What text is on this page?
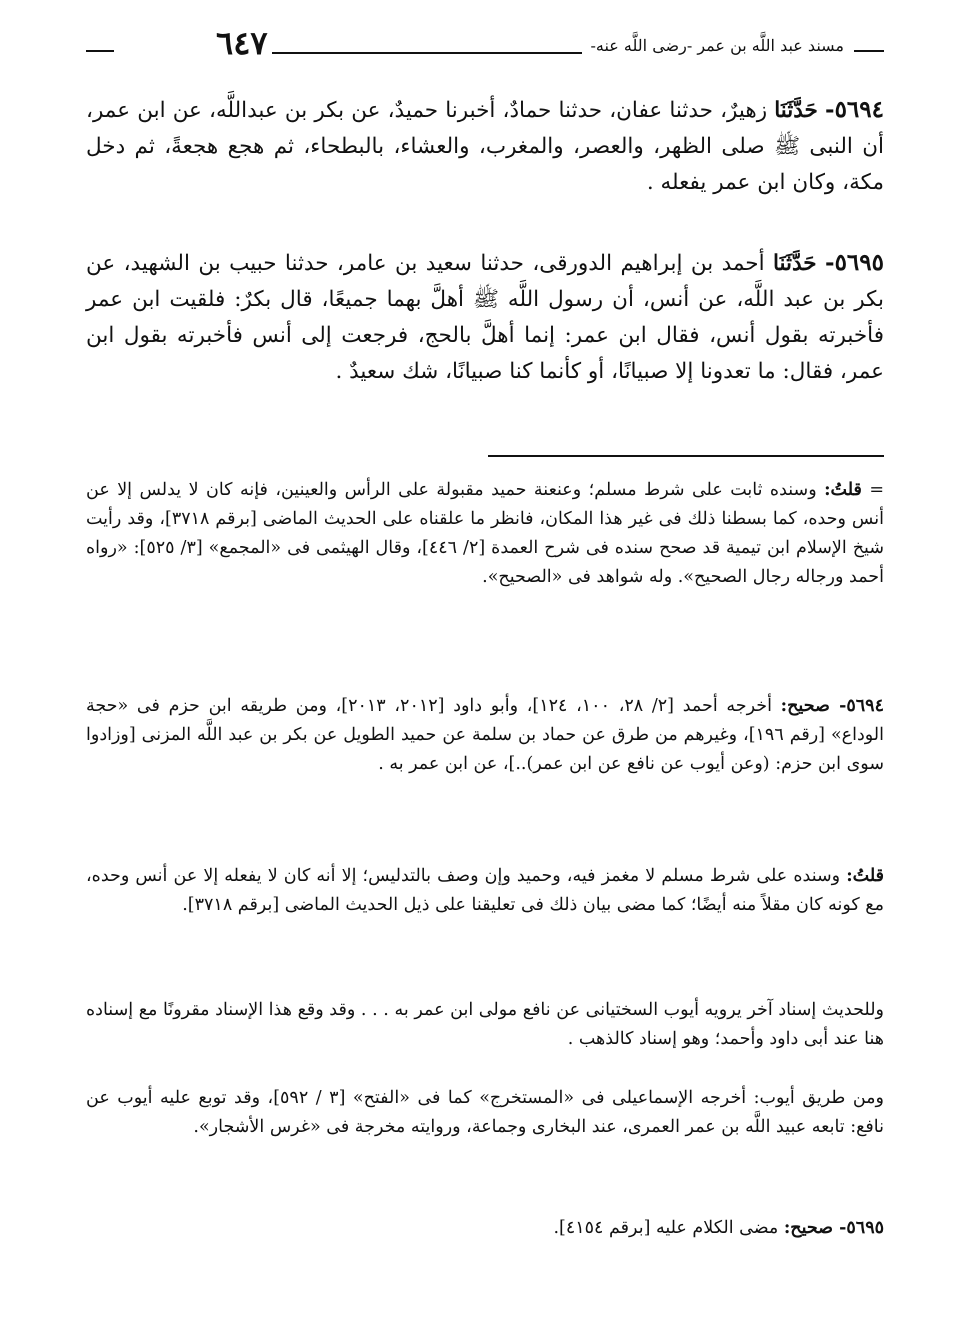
مسند عبد اللَّه بن عمر -رضى اللَّه عنه-
٦٤٧
٥٦٩٤- حَدَّثَنَا زهيرٌ، حدثنا عفان، حدثنا حمادٌ، أخبرنا حميدٌ، عن بكر بن عبداللَّه، عن ابن عمر، أن النبى ﷺ صلى الظهر، والعصر، والمغرب، والعشاء، بالبطحاء، ثم هجع هجعةً، ثم دخل مكة، وكان ابن عمر يفعله .
٥٦٩٥- حَدَّثَنَا أحمد بن إبراهيم الدورقى، حدثنا سعيد بن عامر، حدثنا حبيب بن الشهيد، عن بكر بن عبد اللَّه، عن أنس، أن رسول اللَّه ﷺ أهلَّ بهما جميعًا، قال بكرٌ: فلقيت ابن عمر فأخبرته بقول أنس، فقال ابن عمر: إنما أهلَّ بالحج، فرجعت إلى أنس فأخبرته بقول ابن عمر، فقال: ما تعدونا إلا صبيانًا، أو كأنما كنا صبيانًا، شك سعيدٌ .
= قلتُ: وسنده ثابت على شرط مسلم؛ وعنعنة حميد مقبولة على الرأس والعينين، فإنه كان لا يدلس إلا عن أنس وحده، كما بسطنا ذلك فى غير هذا المكان، فانظر ما علقناه على الحديث الماضى [برقم ٣٧١٨]، وقد رأيت شيخ الإسلام ابن تيمية قد صحح سنده فى شرح العمدة [٢/ ٤٤٦]، وقال الهيثمى فى «المجمع» [٣/ ٥٢٥]: «رواه أحمد ورجاله رجال الصحيح». وله شواهد فى «الصحيح».
٥٦٩٤- صحيح: أخرجه أحمد [٢/ ٢٨، ١٠٠، ١٢٤]، وأبو داود [٢٠١٢، ٢٠١٣]، ومن طريقه ابن حزم فى «حجة الوداع» [رقم ١٩٦]، وغيرهم من طرق عن حماد بن سلمة عن حميد الطويل عن بكر بن عبد اللَّه المزنى [وزادوا سوى ابن حزم: (وعن أيوب عن نافع عن ابن عمر)..]، عن ابن عمر به .
قلتُ: وسنده على شرط مسلم لا مغمز فيه، وحميد وإن وصف بالتدليس؛ إلا أنه كان لا يفعله إلا عن أنس وحده، مع كونه كان مقلاً منه أيضًا؛ كما مضى بيان ذلك فى تعليقنا على ذيل الحديث الماضى [برقم ٣٧١٨].
وللحديث إسناد آخر يرويه أيوب السختيانى عن نافع مولى ابن عمر به . . . وقد وقع هذا الإسناد مقرونًا مع إسناده هنا عند أبى داود وأحمد؛ وهو إسناد كالذهب .
ومن طريق أيوب: أخرجه الإسماعيلى فى «المستخرج» كما فى «الفتح» [٣ / ٥٩٢]، وقد توبع عليه أيوب عن نافع: تابعه عبيد اللَّه بن عمر العمرى، عند البخارى وجماعة، وروايته مخرجة فى «غرس الأشجار».
٥٦٩٥- صحيح: مضى الكلام عليه [برقم ٤١٥٤].
